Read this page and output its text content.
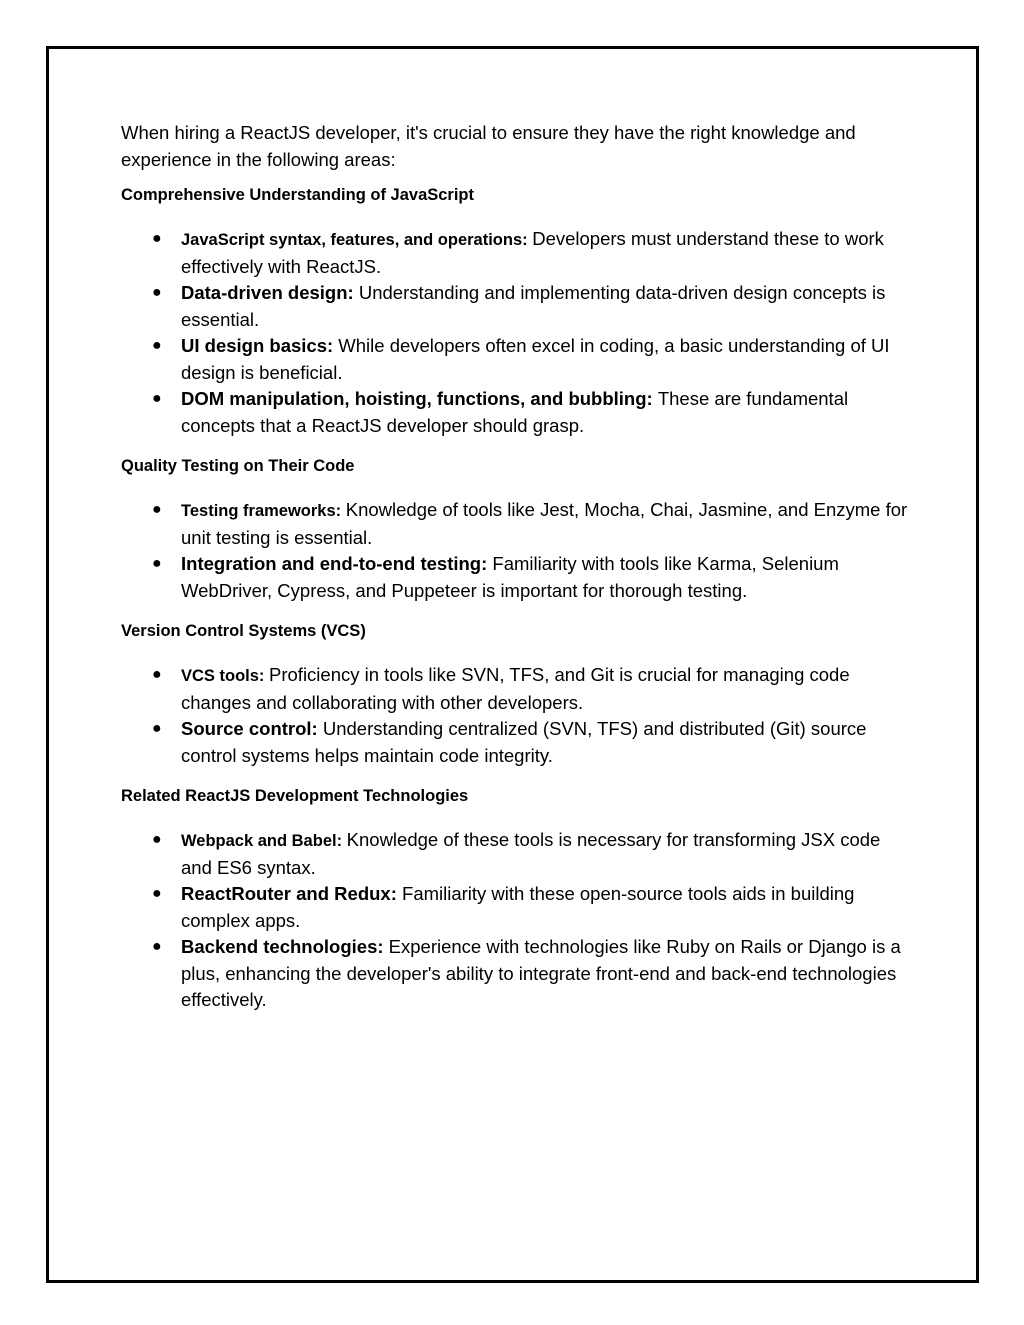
When hiring a ReactJS developer, it's crucial to ensure they have the right knowledge and experience in the following areas:

Comprehensive Understanding of JavaScript
● JavaScript syntax, features, and operations: Developers must understand these to work effectively with ReactJS.
● Data-driven design: Understanding and implementing data-driven design concepts is essential.
● UI design basics: While developers often excel in coding, a basic understanding of UI design is beneficial.
● DOM manipulation, hoisting, functions, and bubbling: These are fundamental concepts that a ReactJS developer should grasp.
Quality Testing on Their Code
● Testing frameworks: Knowledge of tools like Jest, Mocha, Chai, Jasmine, and Enzyme for unit testing is essential.
● Integration and end-to-end testing: Familiarity with tools like Karma, Selenium WebDriver, Cypress, and Puppeteer is important for thorough testing.
Version Control Systems (VCS)
● VCS tools: Proficiency in tools like SVN, TFS, and Git is crucial for managing code changes and collaborating with other developers.
● Source control: Understanding centralized (SVN, TFS) and distributed (Git) source control systems helps maintain code integrity.
Related ReactJS Development Technologies
● Webpack and Babel: Knowledge of these tools is necessary for transforming JSX code and ES6 syntax.
● ReactRouter and Redux: Familiarity with these open-source tools aids in building complex apps.
● Backend technologies: Experience with technologies like Ruby on Rails or Django is a plus, enhancing the developer's ability to integrate front-end and back-end technologies effectively.
